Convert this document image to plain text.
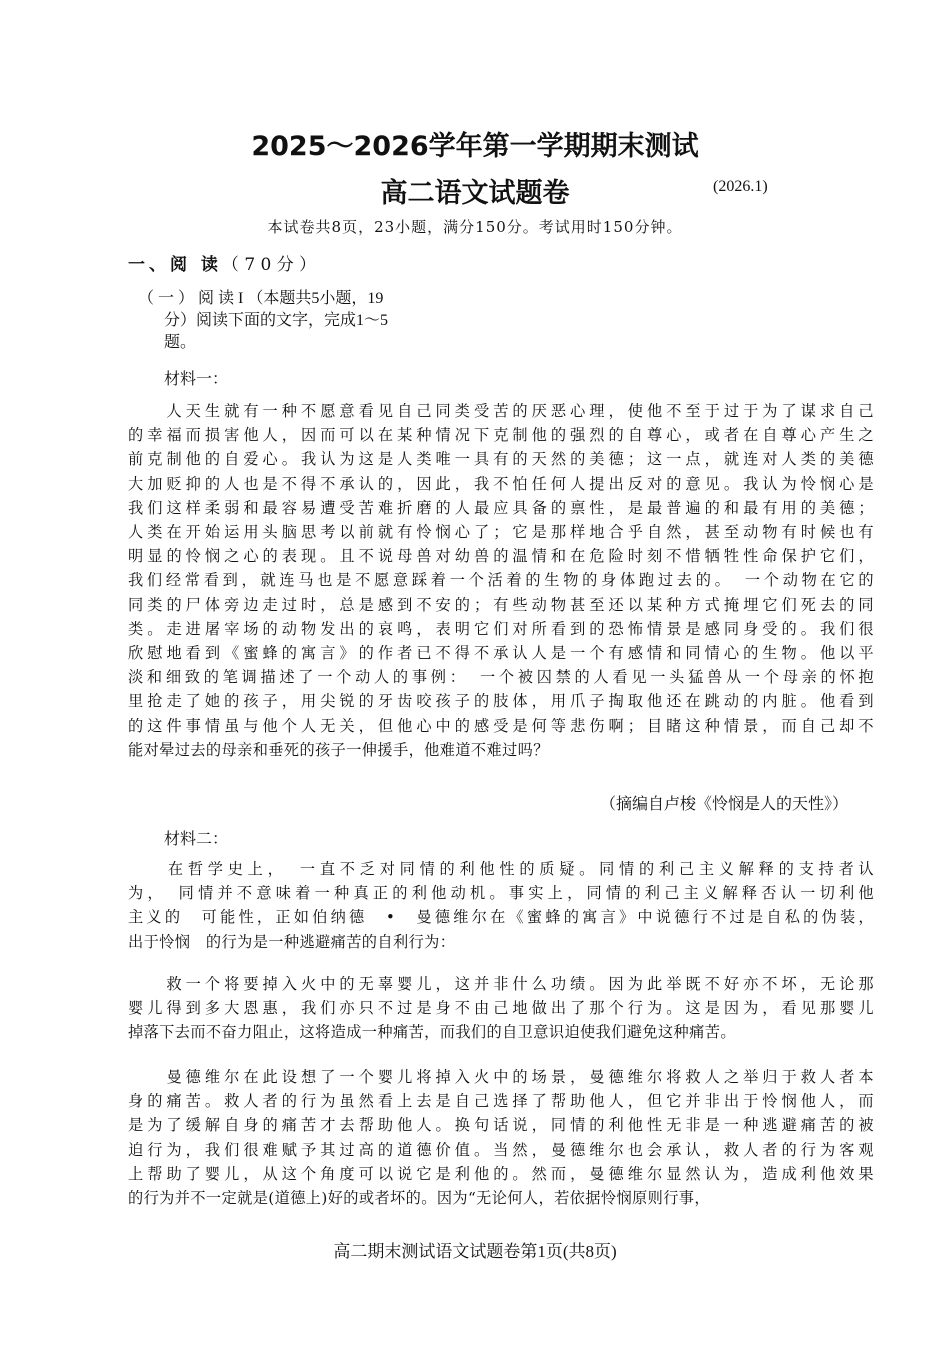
2025～2026学年第一学期期末测试
高二语文试题卷	(2026.1)
本试卷共8页，23小题，满分150分。考试用时150分钟。
一、阅 读（ 7 0 分 ）
（ 一 ） 阅 读 I （本题共5小题，19
分）阅读下面的文字，完成1～5
题。
材料一：
　　人天生就有一种不愿意看见自己同类受苦的厌恶心理，使他不至于过于为了谋求自己
的幸福而损害他人，因而可以在某种情况下克制他的强烈的自尊心，或者在自尊心产生之
前克制他的自爱心。我认为这是人类唯一具有的天然的美德；这一点，就连对人类的美德
大加贬抑的人也是不得不承认的，因此，我不怕任何人提出反对的意见。我认为怜悯心是
我们这样柔弱和最容易遭受苦难折磨的人最应具备的禀性，是最普遍的和最有用的美德；
人类在开始运用头脑思考以前就有怜悯心了；它是那样地合乎自然，甚至动物有时候也有
明显的怜悯之心的表现。且不说母兽对幼兽的温情和在危险时刻不惜牺牲性命保护它们，
我们经常看到，就连马也是不愿意踩着一个活着的生物的身体跑过去的。　一个动物在它的
同类的尸体旁边走过时，总是感到不安的；有些动物甚至还以某种方式掩埋它们死去的同
类。走进屠宰场的动物发出的哀鸣，表明它们对所看到的恐怖情景是感同身受的。我们很
欣慰地看到《蜜蜂的寓言》的作者已不得不承认人是一个有感情和同情心的生物。他以平
淡和细致的笔调描述了一个动人的事例：　一个被囚禁的人看见一头猛兽从一个母亲的怀抱
里抢走了她的孩子，用尖锐的牙齿咬孩子的肢体，用爪子掏取他还在跳动的内脏。他看到
的这件事情虽与他个人无关，但他心中的感受是何等悲伤啊；目睹这种情景，而自己却不
能对晕过去的母亲和垂死的孩子一伸援手，他难道不难过吗？
（摘编自卢梭《怜悯是人的天性》）
材料二：
　　在哲学史上，　一直不乏对同情的利他性的质疑。同情的利己主义解释的支持者认
为，　同情并不意味着一种真正的利他动机。事实上，同情的利己主义解释否认一切利他
主义的　可能性，正如伯纳德　•　曼德维尔在《蜜蜂的寓言》中说德行不过是自私的伪装，
出于怜悯　的行为是一种逃避痛苦的自利行为：
　　救一个将要掉入火中的无辜婴儿，这并非什么功绩。因为此举既不好亦不坏，无论那
婴儿得到多大恩惠，我们亦只不过是身不由己地做出了那个行为。这是因为，看见那婴儿
掉落下去而不奋力阻止，这将造成一种痛苦，而我们的自卫意识迫使我们避免这种痛苦。
　　曼德维尔在此设想了一个婴儿将掉入火中的场景，曼德维尔将救人之举归于救人者本
身的痛苦。救人者的行为虽然看上去是自己选择了帮助他人，但它并非出于怜悯他人，而
是为了缓解自身的痛苦才去帮助他人。换句话说，同情的利他性无非是一种逃避痛苦的被
迫行为，我们很难赋予其过高的道德价值。当然，曼德维尔也会承认，救人者的行为客观
上帮助了婴儿，从这个角度可以说它是利他的。然而，曼德维尔显然认为，造成利他效果
的行为并不一定就是(道德上)好的或者坏的。因为“无论何人，若依据怜悯原则行事，
高二期末测试语文试题卷第1页(共8页)
